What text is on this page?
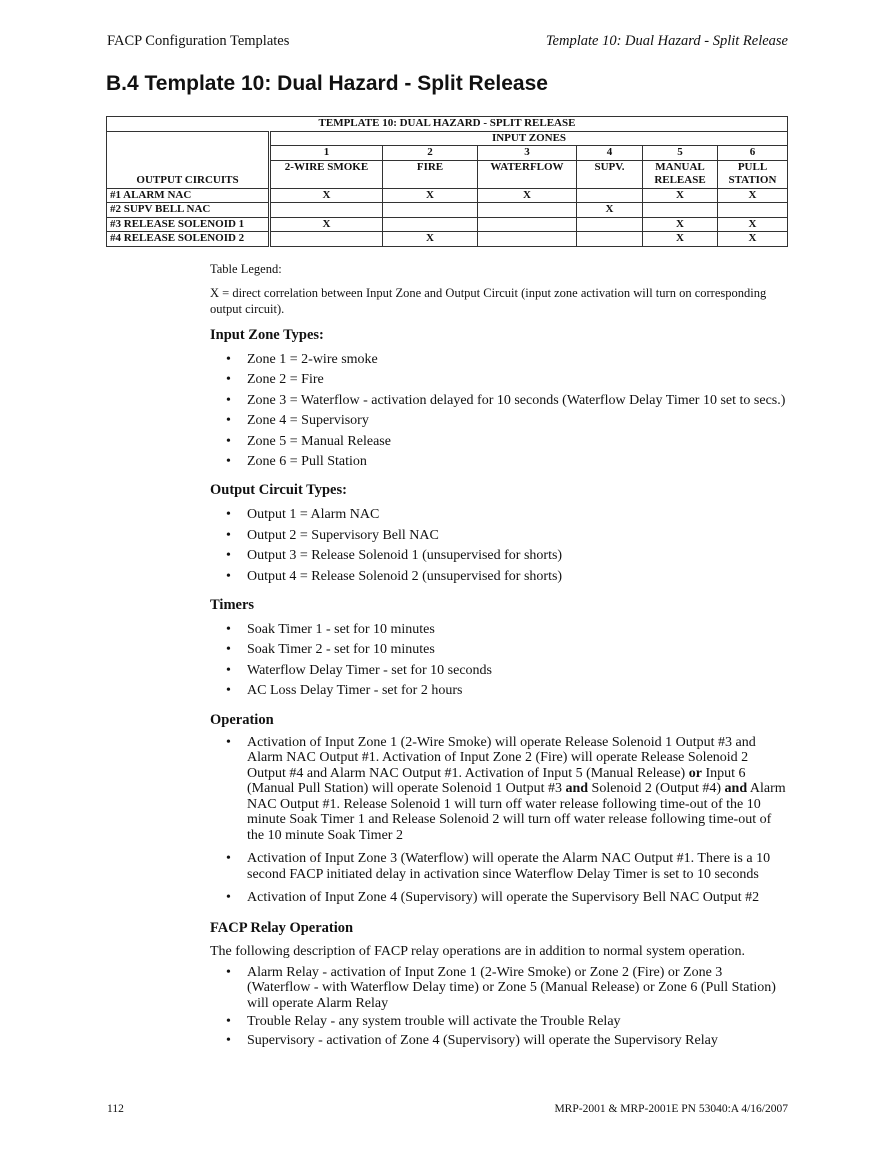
FACP Configuration Templates	Template 10: Dual Hazard - Split Release
B.4 Template 10: Dual Hazard - Split Release
TEMPLATE 10: DUAL HAZARD - SPLIT RELEASE						
OUTPUT CIRCUITS	INPUT ZONES					
	1	2	3	4	5	6
	2-WIRE SMOKE	FIRE	WATERFLOW	SUPV.	MANUAL RELEASE	PULL STATION
#1 ALARM NAC	X	X	X		X	X
#2 SUPV BELL NAC				X		
#3 RELEASE SOLENOID 1	X				X	X
#4 RELEASE SOLENOID 2		X			X	X

Table Legend:

X = direct correlation between Input Zone and Output Circuit (input zone activation will turn on corresponding output circuit).

Input Zone Types:

• Zone 1 = 2-wire smoke
• Zone 2 = Fire
• Zone 3 = Waterflow - activation delayed for 10 seconds (Waterflow Delay Timer 10 set to secs.)
• Zone 4 = Supervisory
• Zone 5 = Manual Release
• Zone 6 = Pull Station

Output Circuit Types:

• Output 1 = Alarm NAC
• Output 2 = Supervisory Bell NAC
• Output 3 = Release Solenoid 1 (unsupervised for shorts)
• Output 4 = Release Solenoid 2 (unsupervised for shorts)

Timers

• Soak Timer 1 - set for 10 minutes
• Soak Timer 2 - set for 10 minutes
• Waterflow Delay Timer - set for 10 seconds
• AC Loss Delay Timer - set for 2 hours

Operation

• Activation of Input Zone 1 (2-Wire Smoke) will operate Release Solenoid 1 Output #3 and Alarm NAC Output #1. Activation of Input Zone 2 (Fire) will operate Release Solenoid 2 Output #4 and Alarm NAC Output #1. Activation of Input 5 (Manual Release) or Input 6 (Manual Pull Station) will operate Solenoid 1 Output #3 and Solenoid 2 (Output #4) and Alarm NAC Output #1. Release Solenoid 1 will turn off water release following time-out of the 10 minute Soak Timer 1 and Release Solenoid 2 will turn off water release following time-out of the 10 minute Soak Timer 2
• Activation of Input Zone 3 (Waterflow) will operate the Alarm NAC Output #1. There is a 10 second FACP initiated delay in activation since Waterflow Delay Timer is set to 10 seconds
• Activation of Input Zone 4 (Supervisory) will operate the Supervisory Bell NAC Output #2

FACP Relay Operation

The following description of FACP relay operations are in addition to normal system operation.

• Alarm Relay - activation of Input Zone 1 (2-Wire Smoke) or Zone 2 (Fire) or Zone 3 (Waterflow - with Waterflow Delay time) or Zone 5 (Manual Release) or Zone 6 (Pull Station) will operate Alarm Relay
• Trouble Relay - any system trouble will activate the Trouble Relay
• Supervisory - activation of Zone 4 (Supervisory) will operate the Supervisory Relay
112	MRP-2001 & MRP-2001E PN 53040:A 4/16/2007
